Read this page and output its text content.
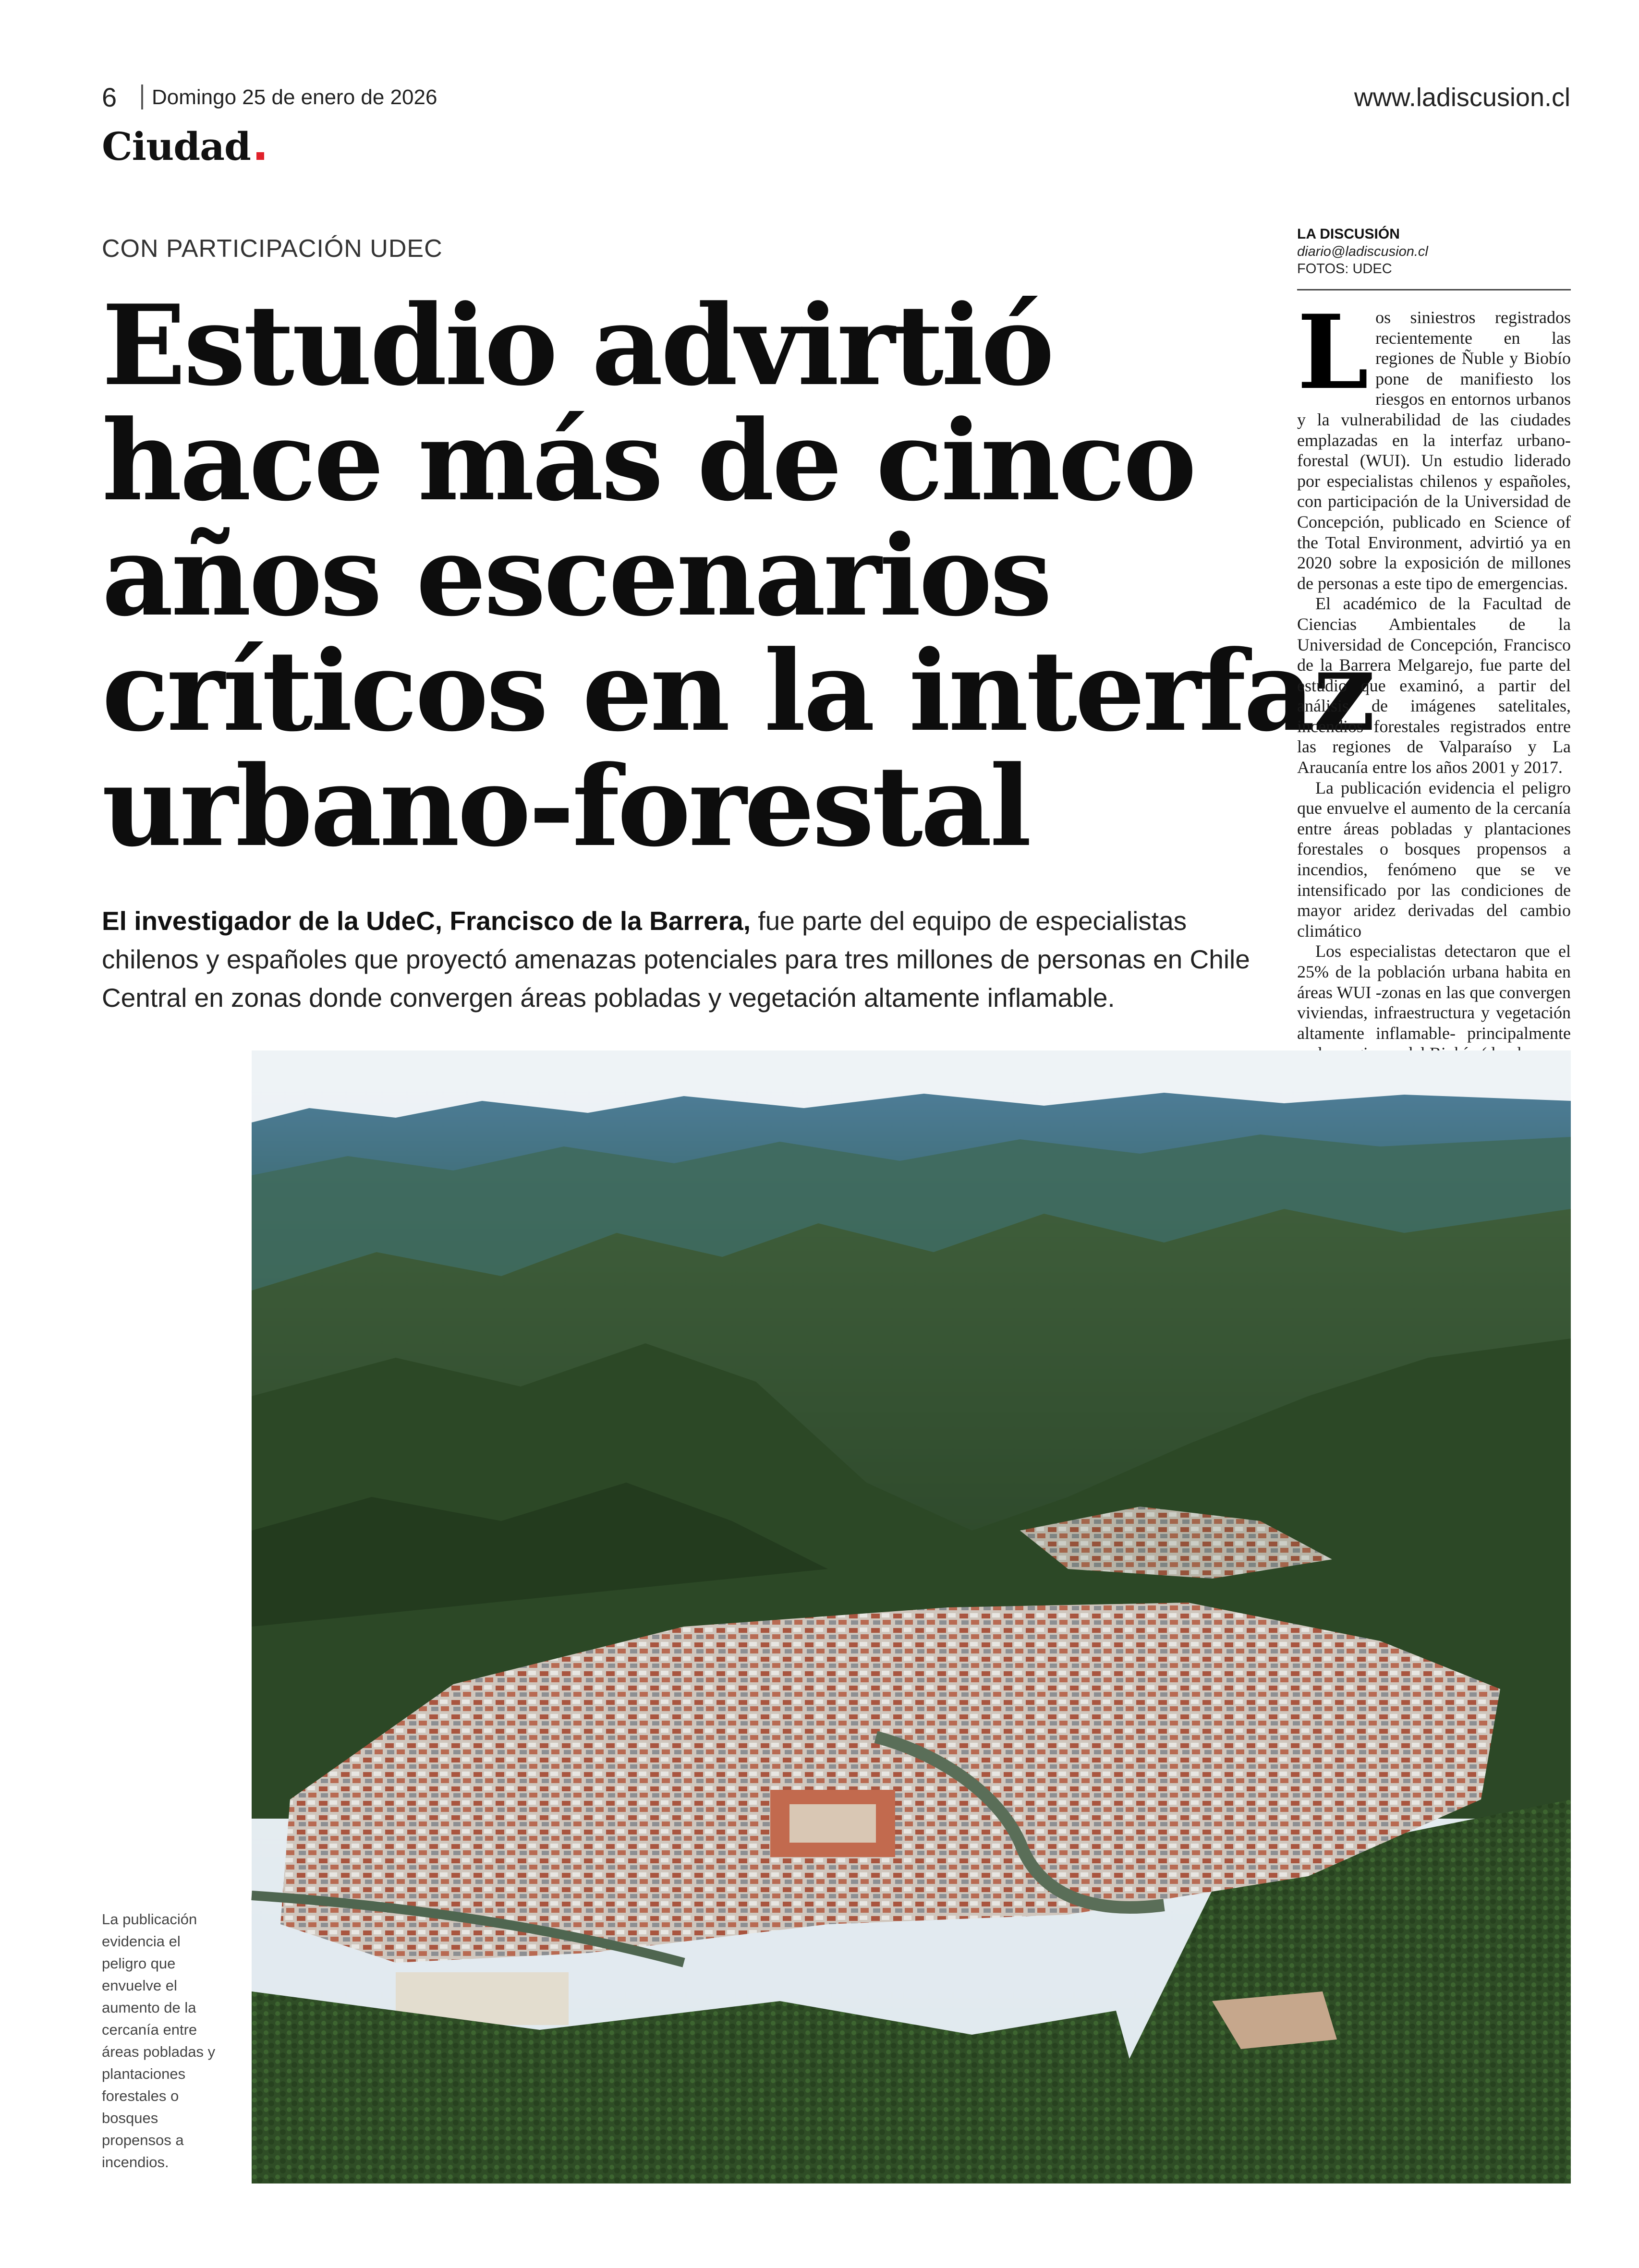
6 Domingo 25 de enero de 2026	www.ladiscusion.cl
Ciudad
CON PARTICIPACIÓN UDEC
Estudio advirtió
hace más de cinco
años escenarios
críticos en la interfaz
urbano-forestal
El investigador de la UdeC, Francisco de la Barrera, fue parte del equipo de especialistas chilenos y españoles que proyectó amenazas potenciales para tres millones de personas en Chile Central en zonas donde convergen áreas pobladas y vegetación altamente inflamable.
LA DISCUSIÓN
diario@ladiscusion.cl
FOTOS: UDEC
L os siniestros registrados recientemente en las regiones de Ñuble y Biobío pone de manifiesto los riesgos en entornos urbanos y la vulnerabilidad de las ciudades emplazadas en la interfaz urbano-forestal (WUI). Un estudio liderado por especialistas chilenos y españoles, con participación de la Universidad de Concepción, publicado en Science of the Total Environment, advirtió ya en 2020 sobre la exposición de millones de personas a este tipo de emergencias.

El académico de la Facultad de Ciencias Ambientales de la Universidad de Concepción, Francisco de la Barrera Melgarejo, fue parte del estudio que examinó, a partir del análisis de imágenes satelitales, incendios forestales registrados entre las regiones de Valparaíso y La Araucanía entre los años 2001 y 2017.

La publicación evidencia el peligro que envuelve el aumento de la cercanía entre áreas pobladas y plantaciones forestales o bosques propensos a incendios, fenómeno que se ve intensificado por las condiciones de mayor aridez derivadas del cambio climático

Los especialistas detectaron que el 25% de la población urbana habita en áreas WUI -zonas en las que convergen viviendas, infraestructura y vegetación altamente inflamable- principalmente

La publicación evidencia el peligro que envuelve el aumento de la cercanía entre áreas pobladas y plantaciones forestales o bosques propensos a incendios.
